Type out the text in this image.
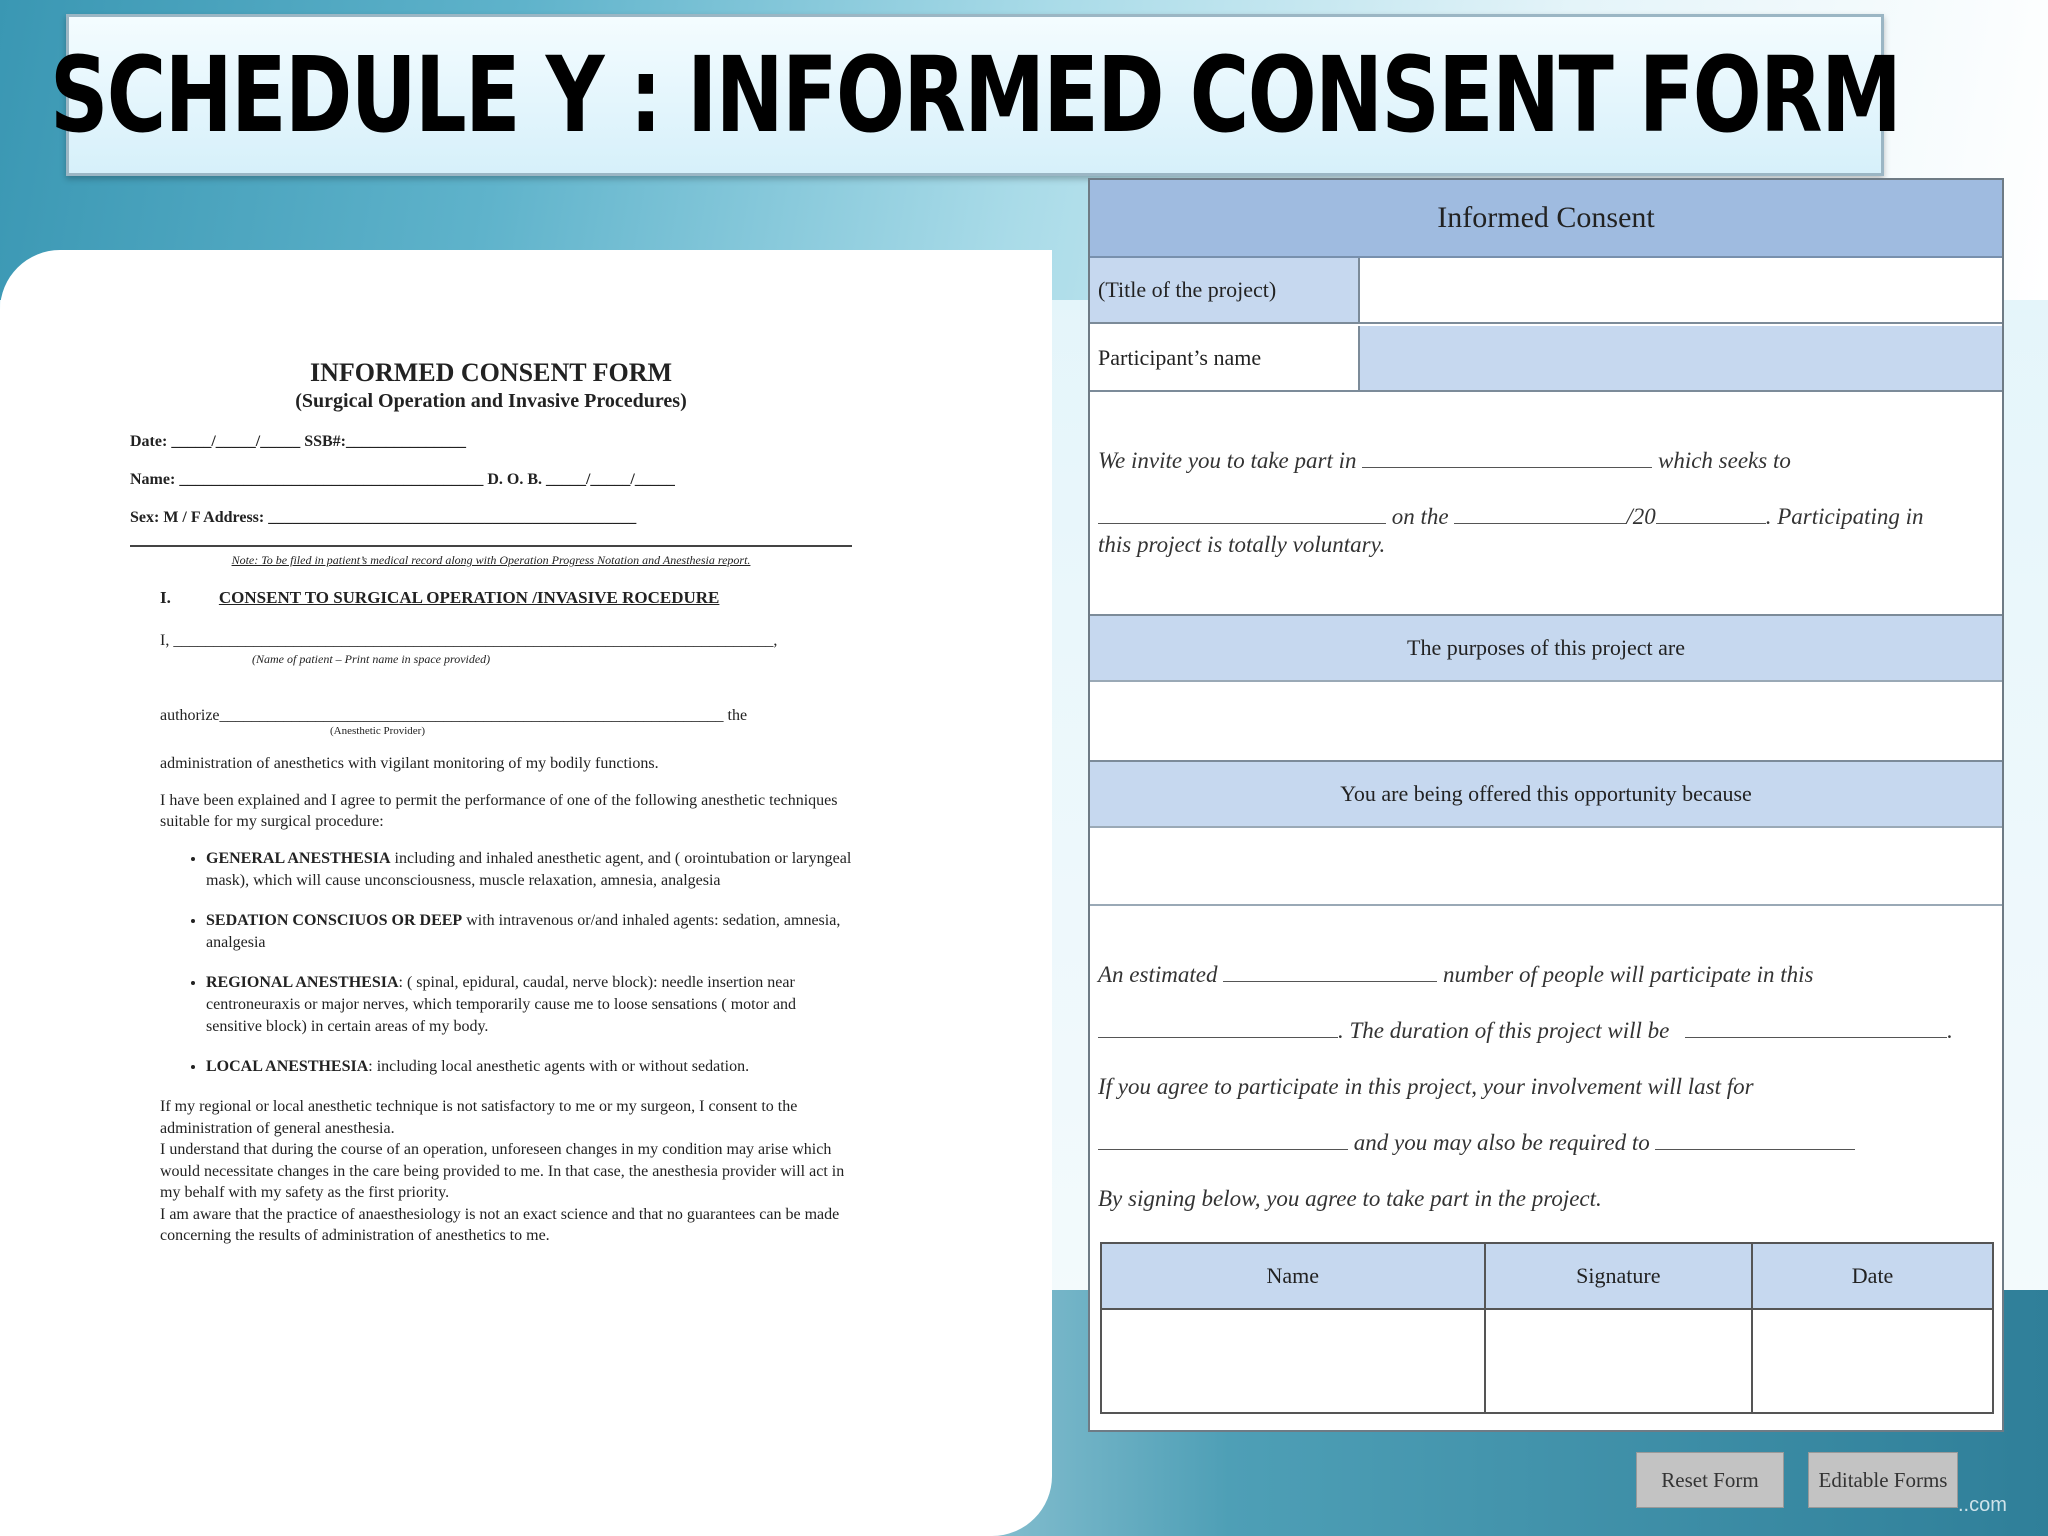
SCHEDULE Y : INFORMED CONSENT FORM
INFORMED CONSENT FORM
(Surgical Operation and Invasive Procedures)
Date: _____/_____/_____ SSB#:_______________
Name: ______________________________________ D. O. B. _____/_____/_____
Sex: M / F Address: ______________________________________________
Note: To be filed in patient’s medical record along with Operation Progress Notation and Anesthesia report.
I.	CONSENT TO SURGICAL OPERATION /INVASIVE ROCEDURE
I, ___________________________________________________________________________,
(Name of patient – Print name in space provided)
authorize_______________________________________________________________ the
(Anesthetic Provider)
administration of anesthetics with vigilant monitoring of my bodily functions.
I have been explained and I agree to permit the performance of one of the following anesthetic techniques suitable for my surgical procedure:
• GENERAL ANESTHESIA including and inhaled anesthetic agent, and ( orointubation or laryngeal mask), which will cause unconsciousness, muscle relaxation, amnesia, analgesia
• SEDATION CONSCIUOS OR DEEP with intravenous or/and inhaled agents: sedation, amnesia, analgesia
• REGIONAL ANESTHESIA: ( spinal, epidural, caudal, nerve block): needle insertion near centroneuraxis or major nerves, which temporarily cause me to loose sensations ( motor and sensitive block) in certain areas of my body.
• LOCAL ANESTHESIA: including local anesthetic agents with or without sedation.
If my regional or local anesthetic technique is not satisfactory to me or my surgeon, I consent to the administration of general anesthesia.
I understand that during the course of an operation, unforeseen changes in my condition may arise which would necessitate changes in the care being provided to me. In that case, the anesthesia provider will act in my behalf with my safety as the first priority.
I am aware that the practice of anaesthesiology is not an exact science and that no guarantees can be made concerning the results of administration of anesthetics to me.
Informed Consent
(Title of the project)
Participant’s name
We invite you to take part in	which seeks to
on the	/20	. Participating in
this project is totally voluntary.
The purposes of this project are
You are being offered this opportunity because
An estimated	number of people will participate in this
. The duration of this project will be	.
If you agree to participate in this project, your involvement will last for
and you may also be required to
By signing below, you agree to take part in the project.
Name	Signature	Date

Reset Form	Editable Forms
..com
